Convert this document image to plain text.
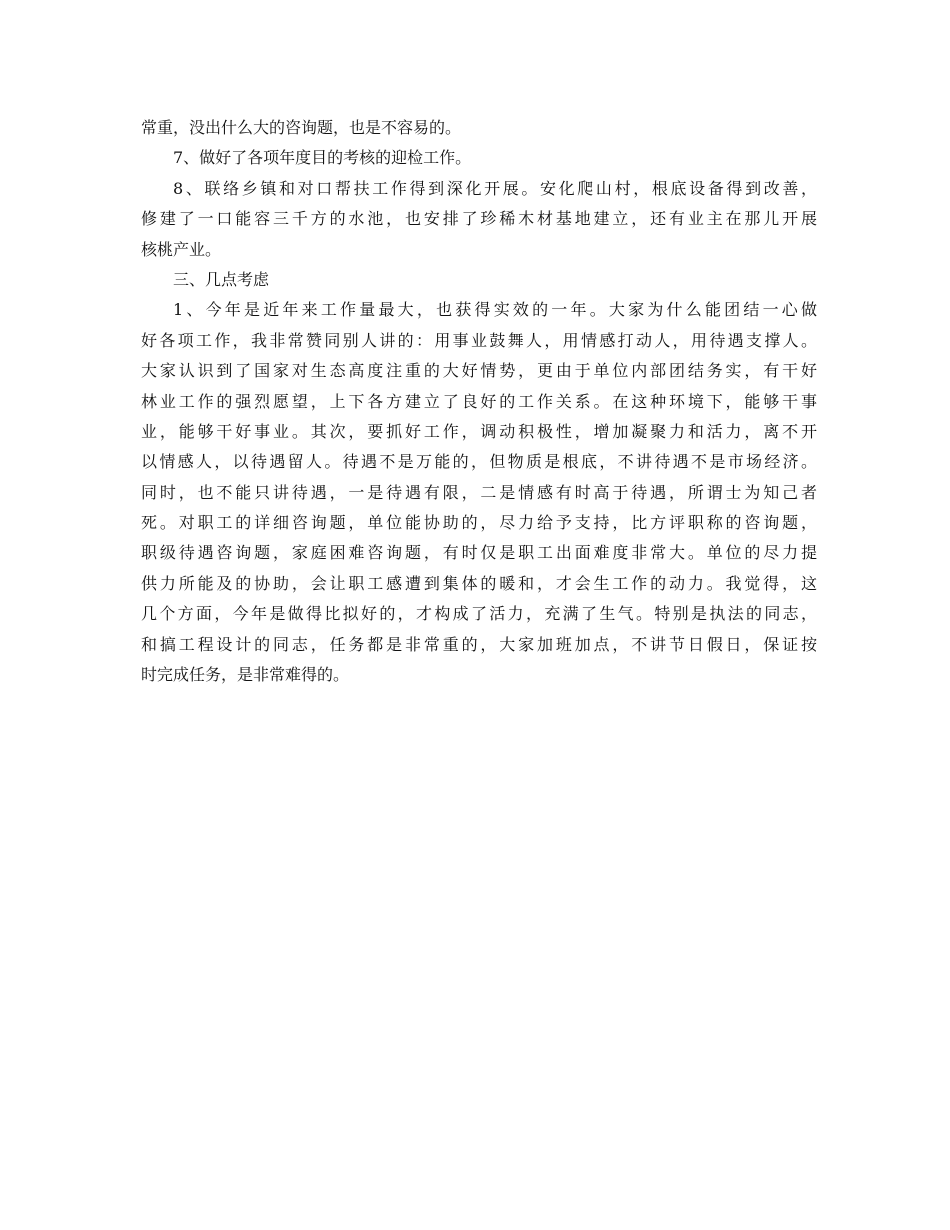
常重，没出什么大的咨询题，也是不容易的。
7、做好了各项年度目的考核的迎检工作。
8、联络乡镇和对口帮扶工作得到深化开展。安化爬山村，根底设备得到改善，
修建了一口能容三千方的水池，也安排了珍稀木材基地建立，还有业主在那儿开展
核桃产业。
三、几点考虑
1、今年是近年来工作量最大，也获得实效的一年。大家为什么能团结一心做
好各项工作，我非常赞同别人讲的：用事业鼓舞人，用情感打动人，用待遇支撑人。
大家认识到了国家对生态高度注重的大好情势，更由于单位内部团结务实，有干好
林业工作的强烈愿望，上下各方建立了良好的工作关系。在这种环境下，能够干事
业，能够干好事业。其次，要抓好工作，调动积极性，增加凝聚力和活力，离不开
以情感人，以待遇留人。待遇不是万能的，但物质是根底，不讲待遇不是市场经济。
同时，也不能只讲待遇，一是待遇有限，二是情感有时高于待遇，所谓士为知己者
死。对职工的详细咨询题，单位能协助的，尽力给予支持，比方评职称的咨询题，
职级待遇咨询题，家庭困难咨询题，有时仅是职工出面难度非常大。单位的尽力提
供力所能及的协助，会让职工感遭到集体的暖和，才会生工作的动力。我觉得，这
几个方面，今年是做得比拟好的，才构成了活力，充满了生气。特别是执法的同志，
和搞工程设计的同志，任务都是非常重的，大家加班加点，不讲节日假日，保证按
时完成任务，是非常难得的。
